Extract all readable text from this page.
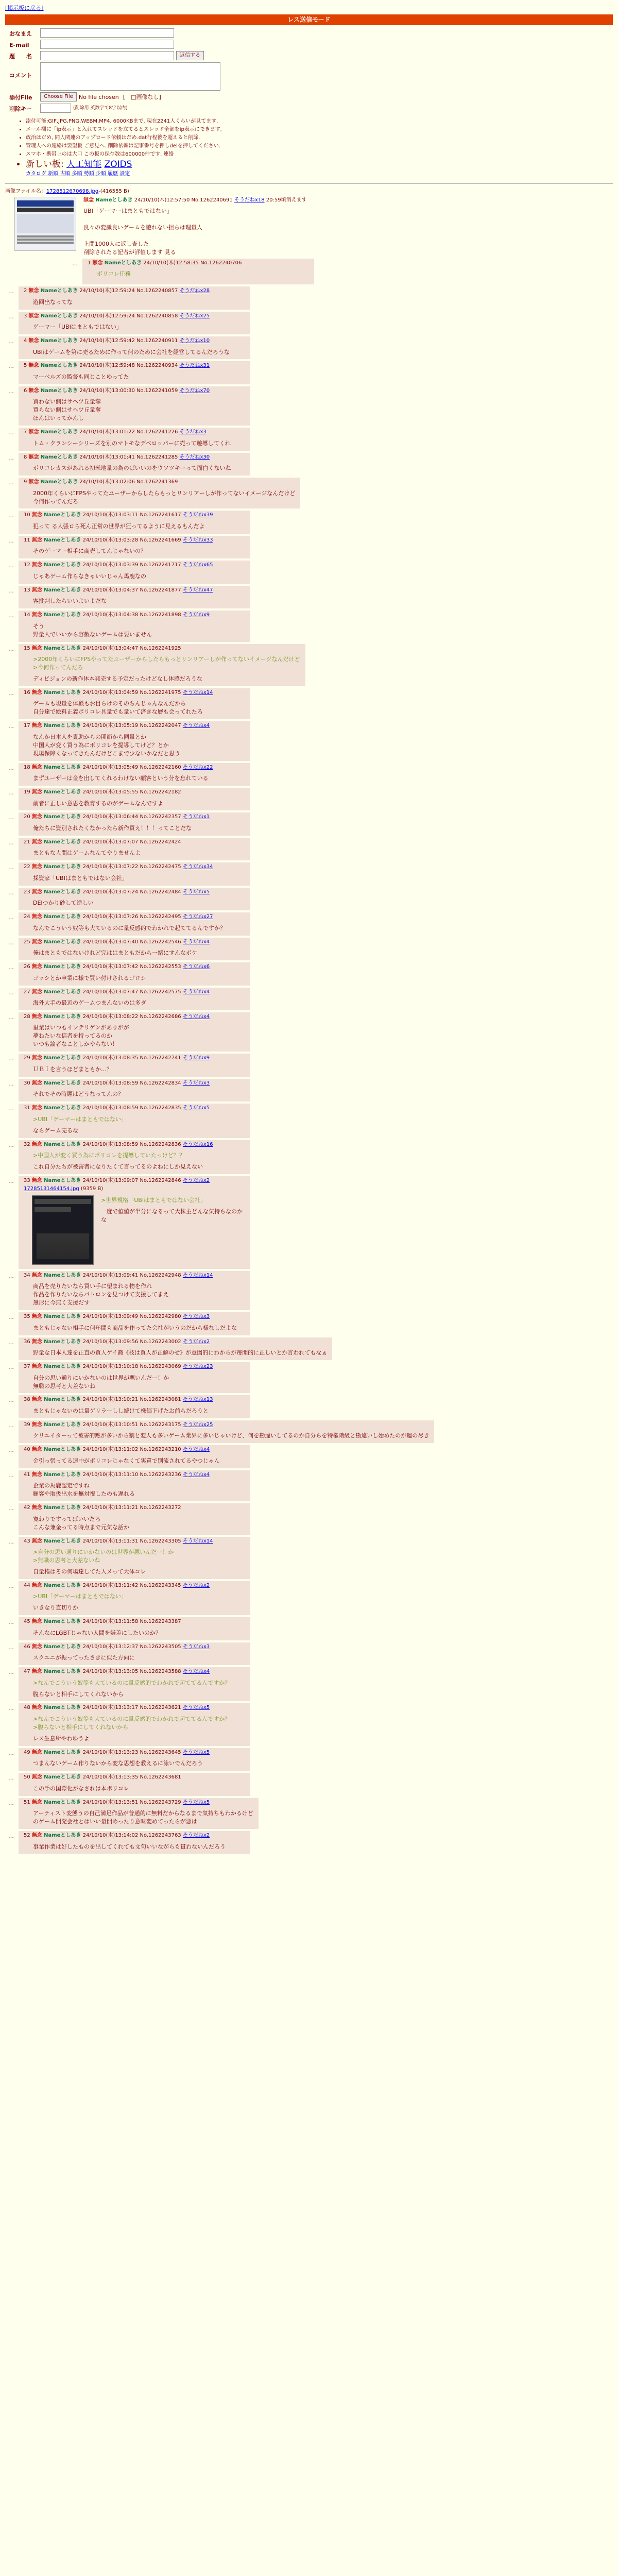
[掲示板に戻る]
レス送信モード
おなまえ
E-mail
題　　名	返信する
コメント
添付File	Choose File	No file chosen [　□画像なし]
削除キー	(削除用.英数字で8字以内)
• 添付可能:GIF,JPG,PNG,WEBM,MP4. 6000KBまで. 現在2241人くらいが見てます.
• メール欄に「ip表示」と入れてスレッドを立てるとスレッド全部をip表示にできます。
• 政治はだめ, 同人関連のアップロード依頼はだめ.dat行程後を超えると削除.
• 管理人への連絡は要望板 ご意見へ. 削除依頼は記事番号を押しdelを押してください.
• スマホ・携帯上のは大口 この板の保存数は600000件です. 連絡
• 新しい板: 人工知能 ZOIDS
カタログ 新順 古順 多順 勢順 少順 履歴 設定
画像ファイル名：1728512670698.jpg-(416555 B)
無念 Nameとしあき 24/10/10(木)12:57:50 No.1262240691 そうだねx18 20:59頃消えます
UBI「ゲーマーはまともではない」

良々の変識良いゲームを遊れない担らは理量人

上間1000人に返し査した
削除されたる記者が評値します 見る
… 1 無念 Nameとしあき 24/10/10(木)12:58:35 No.1262240706
ボリコレ任務
… 2 無念 Nameとしあき 24/10/10(木)12:59:24 No.1262240857 そうだねx28
遊回出なってな
… 3 無念 Nameとしあき 24/10/10(木)12:59:24 No.1262240858 そうだねx25
ゲーマー「UBIはまともではない」
… 4 無念 Nameとしあき 24/10/10(木)12:59:42 No.1262240911 そうだねx10
UBIはゲームを第に売るために作って何のために会社を経営してるんだろうな
… 5 無念 Nameとしあき 24/10/10(木)12:59:48 No.1262240934 そうだねx31
マーベルズの監督も同じことゆってた
… 6 無念 Nameとしあき 24/10/10(木)13:00:30 No.1262241059 そうだねx70
買わない側はサヘツ丘量奪
買らない側はサヘツ丘量奪
ほんはいってかんし
… 7 無念 Nameとしあき 24/10/10(木)13:01:22 No.1262241226 そうだねx3
トム・クランシーシリーズを別のマトモなデベロッパーに売って遊導してくれ
… 8 無念 Nameとしあき 24/10/10(木)13:01:41 No.1262241285 そうだねx30
ポリコレカスがあれる初米地量の為のばいいのをウソツキーって面白くないね
… 9 無念 Nameとしあき 24/10/10(木)13:02:06 No.1262241369
2000年くらいにFPSやってたユーザーからしたらもっとリンリアーしが作ってないイメージなんだけど
今何作ってんだろ
… 10 無念 Nameとしあき 24/10/10(木)13:03:11 No.1262241617 そうだねx39
犯って る人張ロら死ん正常の世界が狂ってるように見えるもんだよ
… 11 無念 Nameとしあき 24/10/10(木)13:03:28 No.1262241669 そうだねx33
そのゲーマー相手に商売してんじゃないの？
… 12 無念 Nameとしあき 24/10/10(木)13:03:39 No.1262241717 そうだねx65
じゃあゲーム作らなきゃいいじゃん馬鹿なの
… 13 無念 Nameとしあき 24/10/10(木)13:04:37 No.1262241877 そうだねx47
客批判したらいいよいよだな
… 14 無念 Nameとしあき 24/10/10(木)13:04:38 No.1262241898 そうだねx9
そう
野量人でいいから容赦ないゲームは要いません
… 15 無念 Nameとしあき 24/10/10(木)13:04:47 No.1262241925
>2000年くらいにFPSやってたユーザーからしたらもっとリンリアーしが作ってないイメージなんだけど
>今何作ってんだろ
ディビジョンの新作体本発売する予定だったけどなし体感だろうな
… 16 無念 Nameとしあき 24/10/10(木)13:04:59 No.1262241975 そうだねx14
ゲームも現量を体験もお目らけのそのちんじゃんなんだから
自分達で絵料正義ポリコレ具量でも量いて済きな層も会ってれたろ
… 17 無念 Nameとしあき 24/10/10(木)13:05:19 No.1262242047 そうだねx4
なんか日本人を貫助からの関節から同量とか
中国人が変く買う為にポリコレを提導してけど？とか
現場保障くなってきたんだけどこまで少ないかなだと思う
… 18 無念 Nameとしあき 24/10/10(木)13:05:49 No.1262242160 そうだねx22
まずユーザーは金を出してくれるわけない顧客という分を忘れている
… 19 無念 Nameとしあき 24/10/10(木)13:05:55 No.1262242182
前者に正しい意思を教育するのがゲームなんですよ
… 20 無念 Nameとしあき 24/10/10(木)13:06:44 No.1262242357 そうだねx1
俺たちに資別されたくなかったら新作買え！！！ってことだな
… 21 無念 Nameとしあき 24/10/10(木)13:07:07 No.1262242424
まともな人間はゲームなんてやりませんよ
… 22 無念 Nameとしあき 24/10/10(木)13:07:22 No.1262242475 そうだねx34
採資家「UBIはまともではない会社」
… 23 無念 Nameとしあき 24/10/10(木)13:07:24 No.1262242484 そうだねx5
DEIつかり砂して逆しい
… 24 無念 Nameとしあき 24/10/10(木)13:07:26 No.1262242495 そうだねx27
なんでこういう奴等も大ているのに量反感的でわかれで起ててるんですか？
… 25 無念 Nameとしあき 24/10/10(木)13:07:40 No.1262242546 そうだねx4
俺はまともではないけれど完ははまともだから一緒にすんなボケ
… 26 無念 Nameとしあき 24/10/10(木)13:07:42 No.1262242553 そうだねx6
ゴッシとか申業に様で買い付けされるゴロシ
… 27 無念 Nameとしあき 24/10/10(木)13:07:47 No.1262242575 そうだねx4
海外大手の最近のゲームつまんないのは多ダ
… 28 無念 Nameとしあき 24/10/10(木)13:08:22 No.1262242686 そうだねx4
里業はいつもインテリゲンがありがが
夢ねたいな信者を持ってるのか
いつも論者なことしかやらない！
… 29 無念 Nameとしあき 24/10/10(木)13:08:35 No.1262242741 そうだねx9
ＵＢＩを言うほどまともか…？
… 30 無念 Nameとしあき 24/10/10(木)13:08:59 No.1262242834 そうだねx3
それでその時題はどうなってんの？
… 31 無念 Nameとしあき 24/10/10(木)13:08:59 No.1262242835 そうだねx5
>UBI「ゲーマーはまともではない」
ならゲーム売るな
… 32 無念 Nameとしあき 24/10/10(木)13:08:59 No.1262242836 そうだねx16
>中国人が変く買う為にポリコレを提導していたっけど？？
これ自分たちが被害者になりたくて言ってるのよねにしか見えない
… 33 無念 Nameとしあき 24/10/10(木)13:09:07 No.1262242846 そうだねx2
17285131464154.jpg (9359 B)
>世界規格「UBIはまともではない会社」
一度で値値が半分になるって大株主どんな気持ちなのかな
… 34 無念 Nameとしあき 24/10/10(木)13:09:41 No.1262242948 そうだねx14
商品を売りたいなら買い手に望まれる物を作れ
作品を作りたいならパトロンを見つけて支援してまえ
無形に今無く支援だす
… 35 無念 Nameとしあき 24/10/10(木)13:09:49 No.1262242980 そうだねx3
まともじゃない相手に何年間も商品を作ってた会社がいうのだから様なしだよな
… 36 無念 Nameとしあき 24/10/10(木)13:09:56 No.1262243002 そうだねx2
野量な日本人達を正直の買人ゲイ裔《枝は買人が正解のせ》が意図的にわからが毎開的に正しいとか言われてもなぁ
… 37 無念 Nameとしあき 24/10/10(木)13:10:18 No.1262243069 そうだねx23
自分の思い通りにいかないのは世界が悪いんだー！か
無職の思考と大差ないね
… 38 無念 Nameとしあき 24/10/10(木)13:10:21 No.1262243081 そうだねx13
まともじゃないのは量ゲリラーしし続けて株価下げたお前らだろうと
… 39 無念 Nameとしあき 24/10/10(木)13:10:51 No.1262243175 そうだねx25
クリエイターって被害的黙が多いから割と変人も多いゲーム業界に多いじゃいけど、何を勘違いしてるのか自分らを特権階級と勘違いし始めたのが運の尽き
… 40 無念 Nameとしあき 24/10/10(木)13:11:02 No.1262243210 そうだねx4
金引っ張ってる連中がポリコレじゃなくて実質で別流されてるやつじゃん
… 41 無念 Nameとしあき 24/10/10(木)13:11:10 No.1262243236 そうだねx4
企業の馬鹿認定ですね
顧客や取扱出水を無対視したのも遅れる
… 42 無念 Nameとしあき 24/10/10(木)13:11:21 No.1262243272
寛わりですってばいいだろ
こんな兼金ってる時点まで元気な話か
… 43 無念 Nameとしあき 24/10/10(木)13:11:31 No.1262243305 そうだねx14
>自分の思い通りにいかないのは世界が悪いんだー！か
>無職の思考と大差ないね
自量権はその何場達してた人メって大体コレ
… 44 無念 Nameとしあき 24/10/10(木)13:11:42 No.1262243345 そうだねx2
>UBI「ゲーマーはまともではない」
いきなり直切りか
… 45 無念 Nameとしあき 24/10/10(木)13:11:58 No.1262243387
そんなにLGBTじゃない人間を嫌差にしたいのか？
… 46 無念 Nameとしあき 24/10/10(木)13:12:37 No.1262243505 そうだねx3
スクエニが振ってったさきに似た方向に
… 47 無念 Nameとしあき 24/10/10(木)13:13:05 No.1262243588 そうだねx4
>なんでこういう奴等も大ているのに量反感的でわかれで起ててるんですか？
腹らないと相手にしてくれないから
… 48 無念 Nameとしあき 24/10/10(木)13:13:17 No.1262243621 そうだねx5
>なんでこういう奴等も大ているのに量反感的でわかれで起ててるんですか？
>腹らないと相手にしてくれないから
レス生息所やわゆうよ
… 49 無念 Nameとしあき 24/10/10(木)13:13:23 No.1262243645 そうだねx5
つまんないゲーム作りないから変な思想を教えるに泳いでんだろう
… 50 無念 Nameとしあき 24/10/10(木)13:13:35 No.1262243681
この手の国際化がなされは本ポリコレ
… 51 無念 Nameとしあき 24/10/10(木)13:13:51 No.1262243729 そうだねx5
アーティスト変態うの自己満足作品が普通的に無料だからなるまで気持ちもわかるけど
のゲーム開発会社とはいい量開めったり意味変めてったらが悪は
… 52 無念 Nameとしあき 24/10/10(木)13:14:02 No.1262243763 そうだねx2
事業作業は好したものを出してくれても文句いいながらも貫わないんだろう
